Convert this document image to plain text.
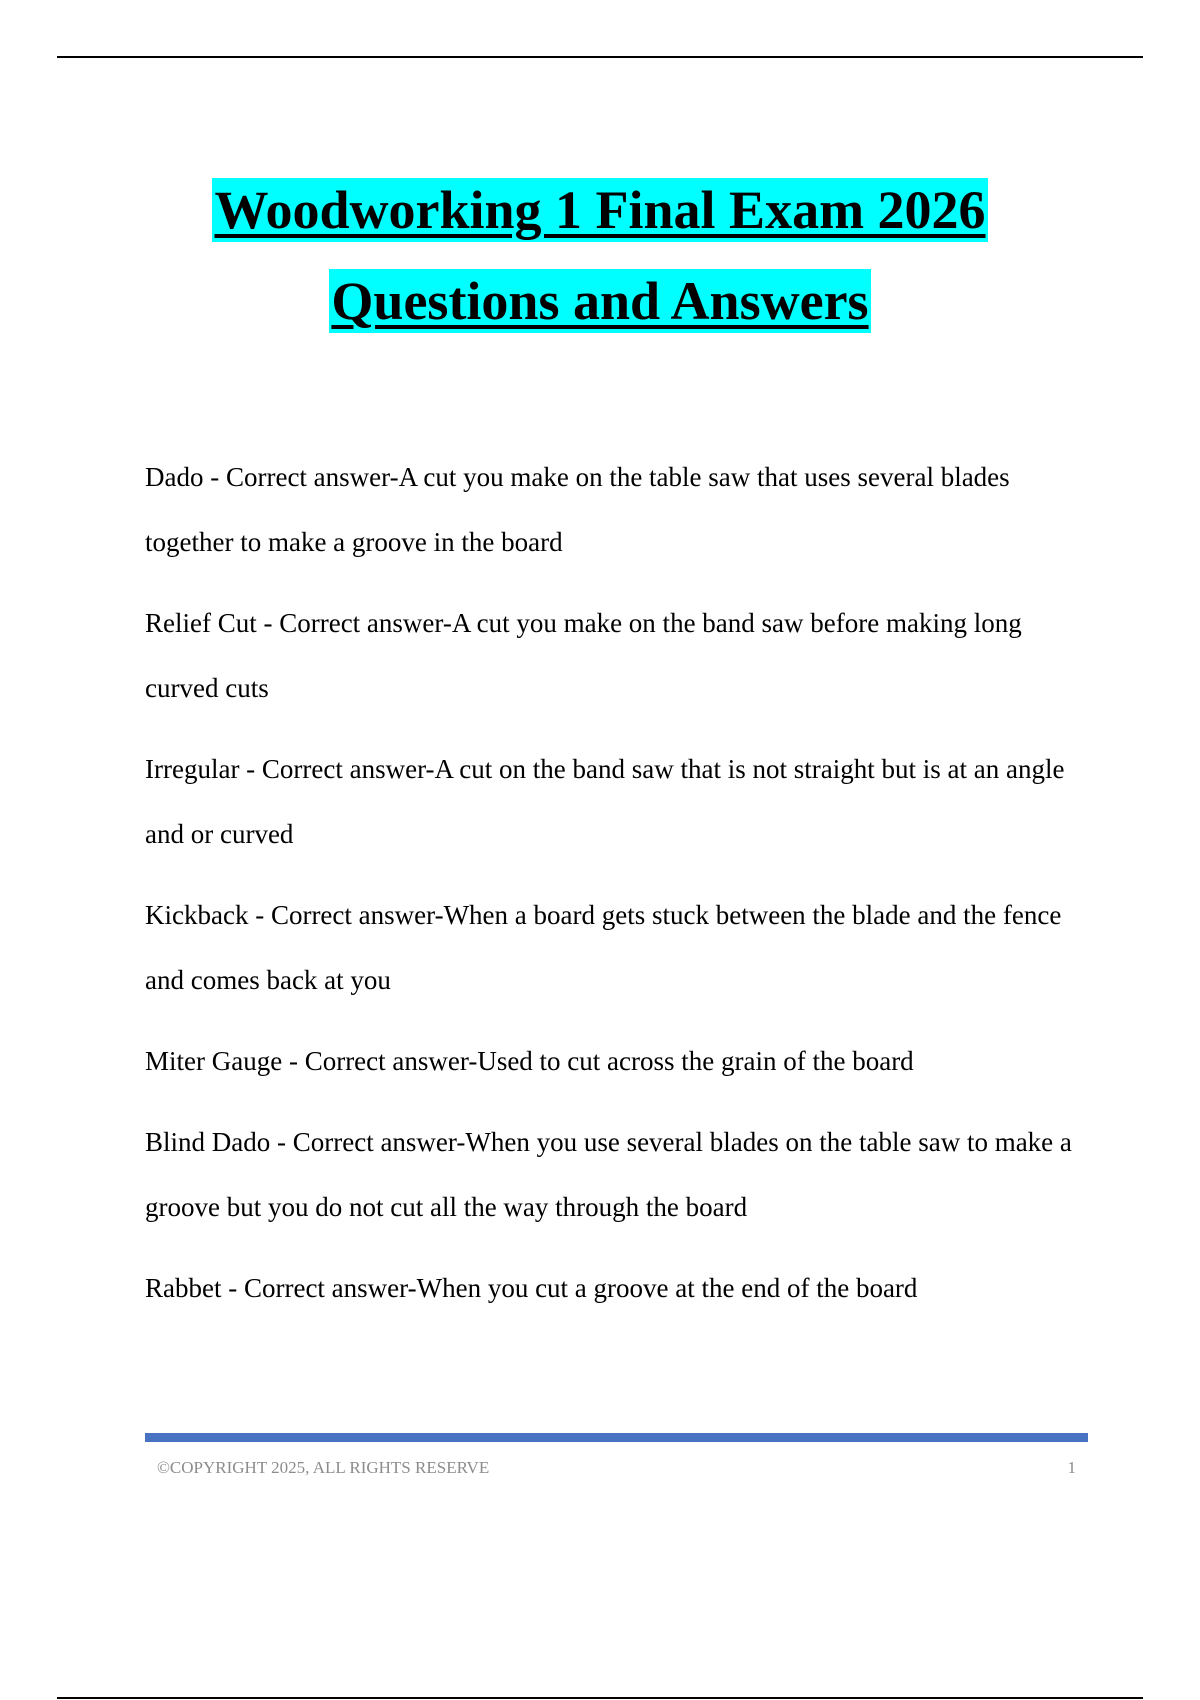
Woodworking 1 Final Exam 2026
Questions and Answers

Dado - Correct answer-A cut you make on the table saw that uses several blades together to make a groove in the board

Relief Cut - Correct answer-A cut you make on the band saw before making long curved cuts

Irregular - Correct answer-A cut on the band saw that is not straight but is at an angle and or curved

Kickback - Correct answer-When a board gets stuck between the blade and the fence and comes back at you

Miter Gauge - Correct answer-Used to cut across the grain of the board

Blind Dado - Correct answer-When you use several blades on the table saw to make a groove but you do not cut all the way through the board

Rabbet - Correct answer-When you cut a groove at the end of the board

©COPYRIGHT 2025, ALL RIGHTS RESERVE	1
